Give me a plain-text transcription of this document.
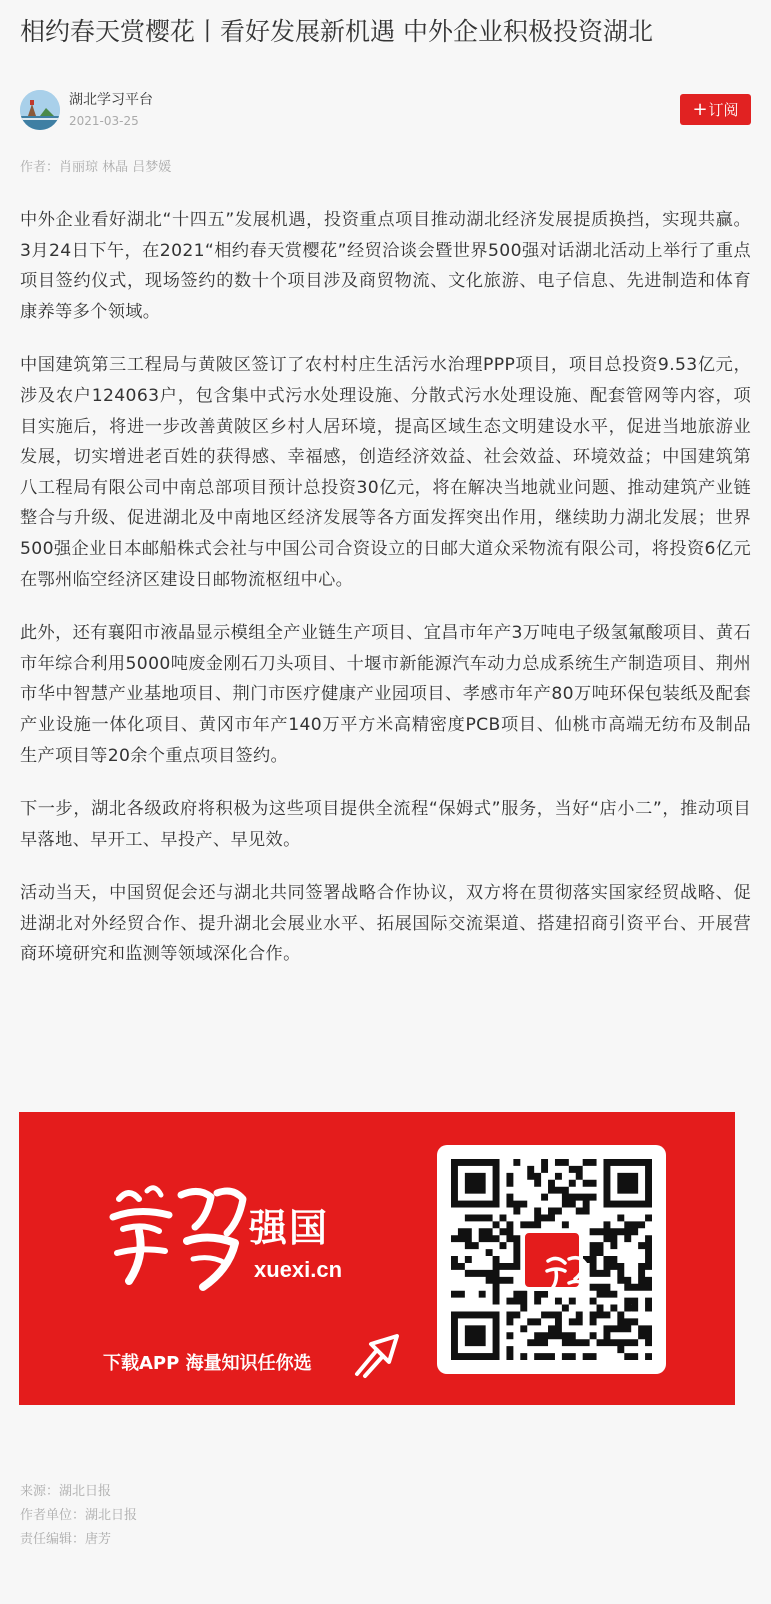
相约春天赏樱花丨看好发展新机遇 中外企业积极投资湖北
湖北学习平台
2021-03-25
+订阅
作者：肖丽琼 林晶 吕梦媛

中外企业看好湖北“十四五”发展机遇，投资重点项目推动湖北经济发展提质换挡，实现共赢。3月24日下午，在2021“相约春天赏樱花”经贸洽谈会暨世界500强对话湖北活动上举行了重点项目签约仪式，现场签约的数十个项目涉及商贸物流、文化旅游、电子信息、先进制造和体育康养等多个领域。

中国建筑第三工程局与黄陂区签订了农村村庄生活污水治理PPP项目，项目总投资9.53亿元，涉及农户124063户，包含集中式污水处理设施、分散式污水处理设施、配套管网等内容，项目实施后，将进一步改善黄陂区乡村人居环境，提高区域生态文明建设水平，促进当地旅游业发展，切实增进老百姓的获得感、幸福感，创造经济效益、社会效益、环境效益；中国建筑第八工程局有限公司中南总部项目预计总投资30亿元，将在解决当地就业问题、推动建筑产业链整合与升级、促进湖北及中南地区经济发展等各方面发挥突出作用，继续助力湖北发展；世界500强企业日本邮船株式会社与中国公司合资设立的日邮大道众采物流有限公司，将投资6亿元在鄂州临空经济区建设日邮物流枢纽中心。

此外，还有襄阳市液晶显示模组全产业链生产项目、宜昌市年产3万吨电子级氢氟酸项目、黄石市年综合利用5000吨废金刚石刀头项目、十堰市新能源汽车动力总成系统生产制造项目、荆州市华中智慧产业基地项目、荆门市医疗健康产业园项目、孝感市年产80万吨环保包装纸及配套产业设施一体化项目、黄冈市年产140万平方米高精密度PCB项目、仙桃市高端无纺布及制品生产项目等20余个重点项目签约。

下一步，湖北各级政府将积极为这些项目提供全流程“保姆式”服务，当好“店小二”，推动项目早落地、早开工、早投产、早见效。

活动当天，中国贸促会还与湖北共同签署战略合作协议，双方将在贯彻落实国家经贸战略、促进湖北对外经贸合作、提升湖北会展业水平、拓展国际交流渠道、搭建招商引资平台、开展营商环境研究和监测等领域深化合作。

强国
xuexi.cn
下载APP 海量知识任你选
来源：湖北日报
作者单位：湖北日报
责任编辑：唐芳
